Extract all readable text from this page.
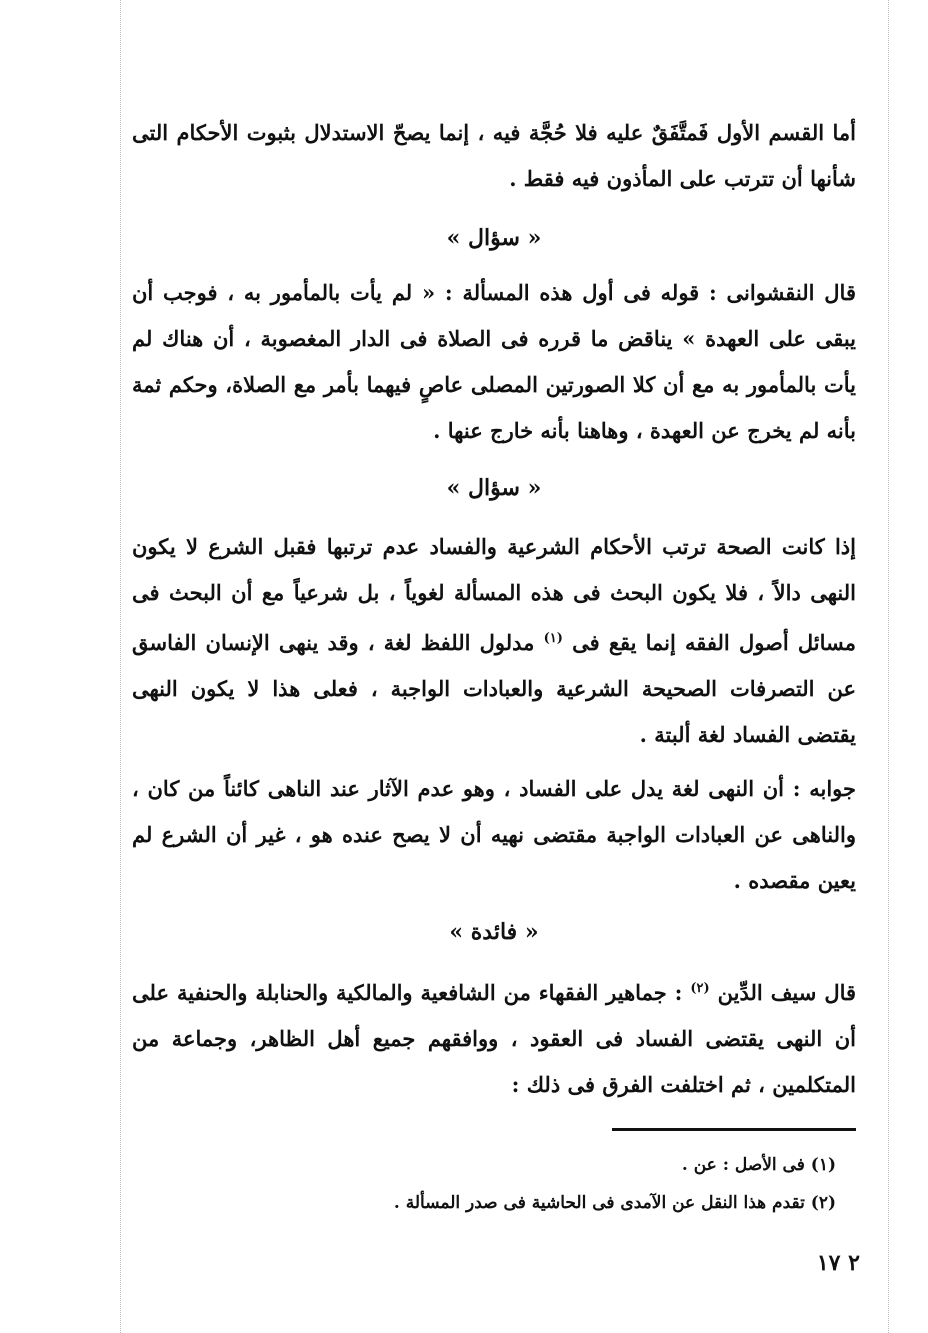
أما القسم الأول فَمتَّفَقٌ عليه فلا حُجَّة فيه ، إنما يصحّ الاستدلال بثبوت الأحكام التى شأنها أن تترتب على المأذون فيه فقط .

« سؤال »

قال النقشوانى : قوله فى أول هذه المسألة : « لم يأت بالمأمور به ، فوجب أن يبقى على العهدة » يناقض ما قرره فى الصلاة فى الدار المغصوبة ، أن هناك لم يأت بالمأمور به مع أن كلا الصورتين المصلى عاصٍ فيهما بأمر مع الصلاة، وحكم ثمة بأنه لم يخرج عن العهدة ، وهاهنا بأنه خارج عنها .

« سؤال »

إذا كانت الصحة ترتب الأحكام الشرعية والفساد عدم ترتبها فقبل الشرع لا يكون النهى دالاً ، فلا يكون البحث فى هذه المسألة لغوياً ، بل شرعياً مع أن البحث فى مسائل أصول الفقه إنما يقع فى $^{(١)}$ مدلول اللفظ لغة ، وقد ينهى الإنسان الفاسق عن التصرفات الصحيحة الشرعية والعبادات الواجبة ، فعلى هذا لا يكون النهى يقتضى الفساد لغة ألبتة .

جوابه : أن النهى لغة يدل على الفساد ، وهو عدم الآثار عند الناهى كائناً من كان ، والناهى عن العبادات الواجبة مقتضى نهيه أن لا يصح عنده هو ، غير أن الشرع لم يعين مقصده .

« فائدة »

قال سيف الدِّين $^{(٢)}$ : جماهير الفقهاء من الشافعية والمالكية والحنابلة والحنفية على أن النهى يقتضى الفساد فى العقود ، ووافقهم جميع أهل الظاهر، وجماعة من المتكلمين ، ثم اختلفت الفرق فى ذلك :

(١) فى الأصل : عن .
(٢) تقدم هذا النقل عن الآمدى فى الحاشية فى صدر المسألة .
٢ ١٧
